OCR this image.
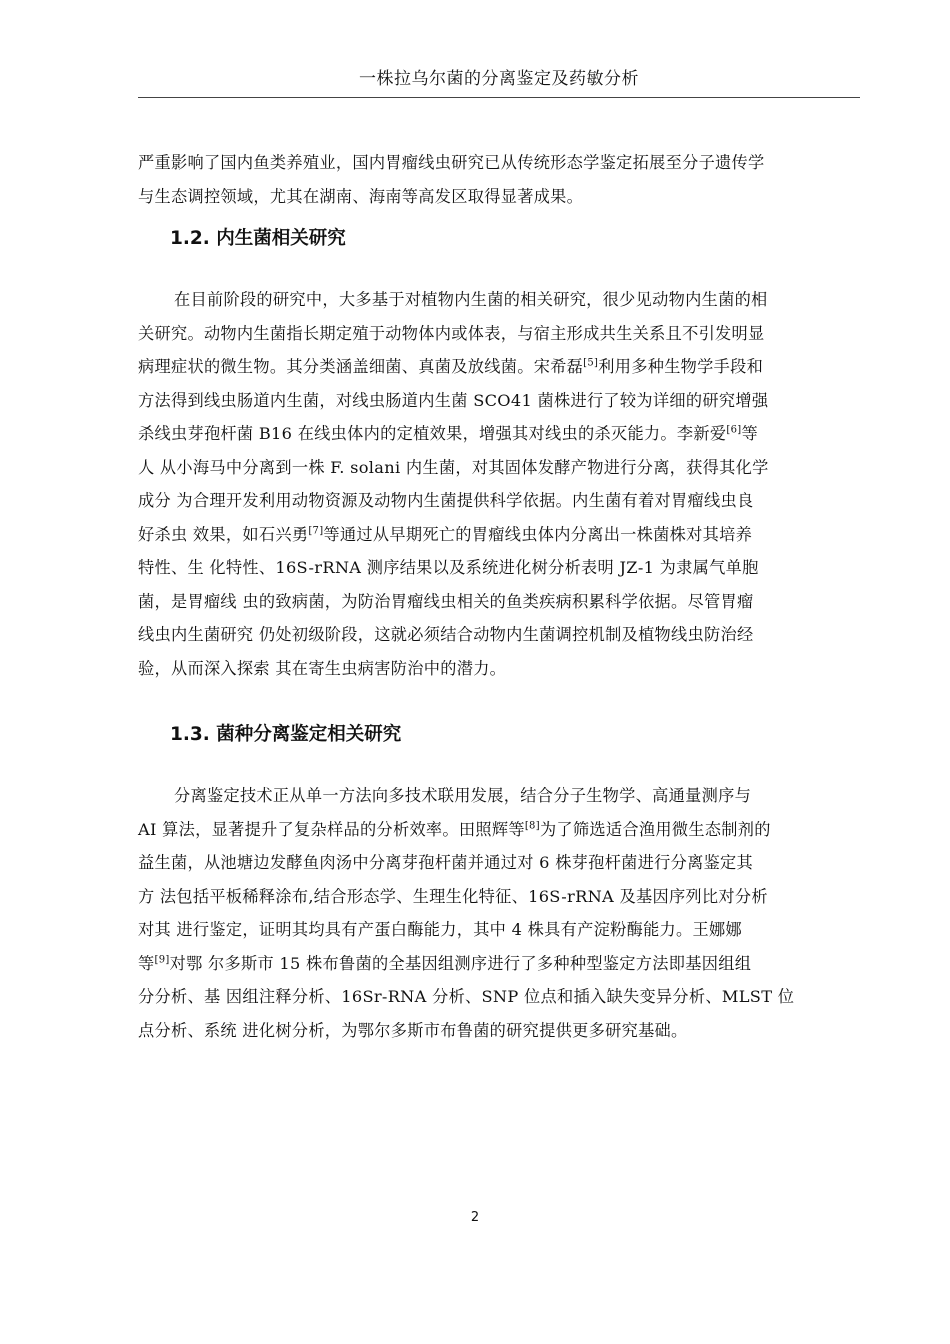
一株拉乌尔菌的分离鉴定及药敏分析

严重影响了国内鱼类养殖业，国内胃瘤线虫研究已从传统形态学鉴定拓展至分子遗传学
与生态调控领域，尤其在湖南、海南等高发区取得显著成果。

1.2. 内生菌相关研究

在目前阶段的研究中，大多基于对植物内生菌的相关研究，很少见动物内生菌的相
关研究。动物内生菌指长期定殖于动物体内或体表，与宿主形成共生关系且不引发明显
病理症状的微生物。其分类涵盖细菌、真菌及放线菌。宋希磊[5]利用多种生物学手段和
方法得到线虫肠道内生菌，对线虫肠道内生菌 SCO41 菌株进行了较为详细的研究增强
杀线虫芽孢杆菌 B16 在线虫体内的定植效果，增强其对线虫的杀灭能力。李新爱[6]等
人 从小海马中分离到一株 F. solani 内生菌，对其固体发酵产物进行分离，获得其化学
成分 为合理开发利用动物资源及动物内生菌提供科学依据。内生菌有着对胃瘤线虫良
好杀虫 效果，如石兴勇[7]等通过从早期死亡的胃瘤线虫体内分离出一株菌株对其培养
特性、生 化特性、16S-rRNA 测序结果以及系统进化树分析表明 JZ-1 为隶属气单胞
菌，是胃瘤线 虫的致病菌，为防治胃瘤线虫相关的鱼类疾病积累科学依据。尽管胃瘤
线虫内生菌研究 仍处初级阶段，这就必须结合动物内生菌调控机制及植物线虫防治经
验，从而深入探索 其在寄生虫病害防治中的潜力。

1.3. 菌种分离鉴定相关研究

分离鉴定技术正从单一方法向多技术联用发展，结合分子生物学、高通量测序与
AI 算法，显著提升了复杂样品的分析效率。田照辉等[8]为了筛选适合渔用微生态制剂的
益生菌，从池塘边发酵鱼肉汤中分离芽孢杆菌并通过对 6 株芽孢杆菌进行分离鉴定其
方 法包括平板稀释涂布,结合形态学、生理生化特征、16S-rRNA 及基因序列比对分析
对其 进行鉴定，证明其均具有产蛋白酶能力，其中 4 株具有产淀粉酶能力。王娜娜
等[9]对鄂 尔多斯市 15 株布鲁菌的全基因组测序进行了多种种型鉴定方法即基因组组
分分析、基 因组注释分析、16Sr-RNA 分析、SNP 位点和插入缺失变异分析、MLST 位
点分析、系统 进化树分析，为鄂尔多斯市布鲁菌的研究提供更多研究基础。

2
